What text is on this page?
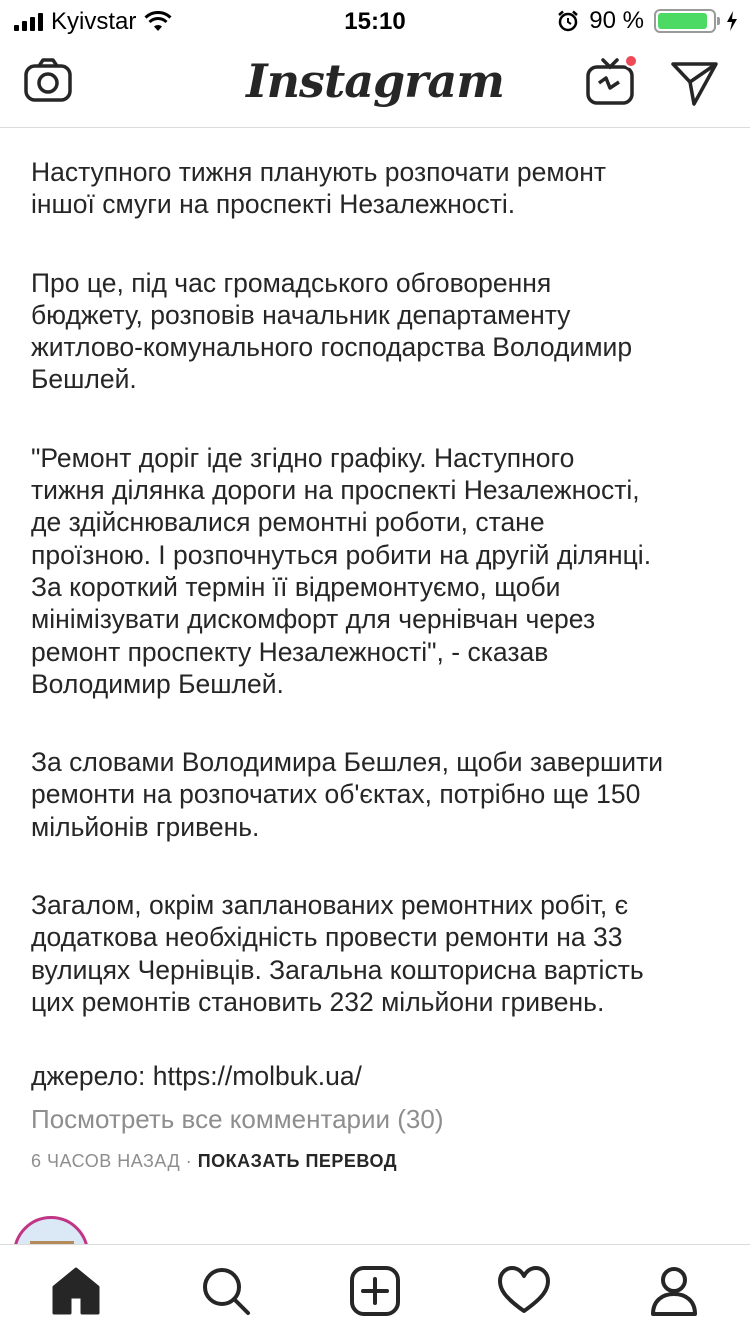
Kyivstar	15:10	90 %
Instagram

Наступного тижня планують розпочати ремонт
іншої смуги на проспекті Незалежності.

Про це, під час громадського обговорення
бюджету, розповів начальник департаменту
житлово-комунального господарства Володимир
Бешлей.

"Ремонт доріг іде згідно графіку. Наступного
тижня ділянка дороги на проспекті Незалежності,
де здійснювалися ремонтні роботи, стане
проїзною. І розпочнуться робити на другій ділянці.
За короткий термін її відремонтуємо, щоби
мінімізувати дискомфорт для чернівчан через
ремонт проспекту Незалежності", - сказав
Володимир Бешлей.

За словами Володимира Бешлея, щоби завершити
ремонти на розпочатих об'єктах, потрібно ще 150
мільйонів гривень.

Загалом, окрім запланованих ремонтних робіт, є
додаткова необхідність провести ремонти на 33
вулицях Чернівців. Загальна кошторисна вартість
цих ремонтів становить 232 мільйони гривень.

джерело: https://molbuk.ua/
Посмотреть все комментарии (30)
6 ЧАСОВ НАЗАД · ПОКАЗАТЬ ПЕРЕВОД
